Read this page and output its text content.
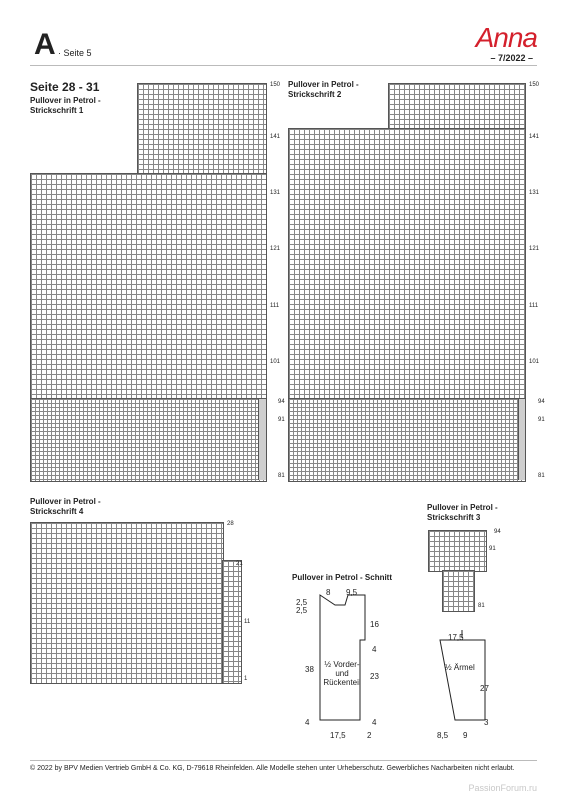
A · Seite 5	Anna
– 7/2022 –
Seite 28 - 31
Pullover in Petrol -
Strickschrift 1
150
141
131
121
111
101
94
91
81
Pullover in Petrol -
Strickschrift 2
150
141
131
121
111
101
94
91
81
Pullover in Petrol -
Strickschrift 4
28
21
11
1
Pullover in Petrol -
Strickschrift 3
94
91
81
Pullover in Petrol - Schnitt
8 9,5
2,5
2,5
16
4
38
23
4	4
17,5	2
17,5
27
3
8,5 9
½ Vorder-
und
Rückenteil
½ Ärmel
© 2022 by BPV Medien Vertrieb GmbH & Co. KG, D-79618 Rheinfelden. Alle Modelle stehen unter Urheberschutz. Gewerbliches Nacharbeiten nicht erlaubt.
PassionForum.ru
